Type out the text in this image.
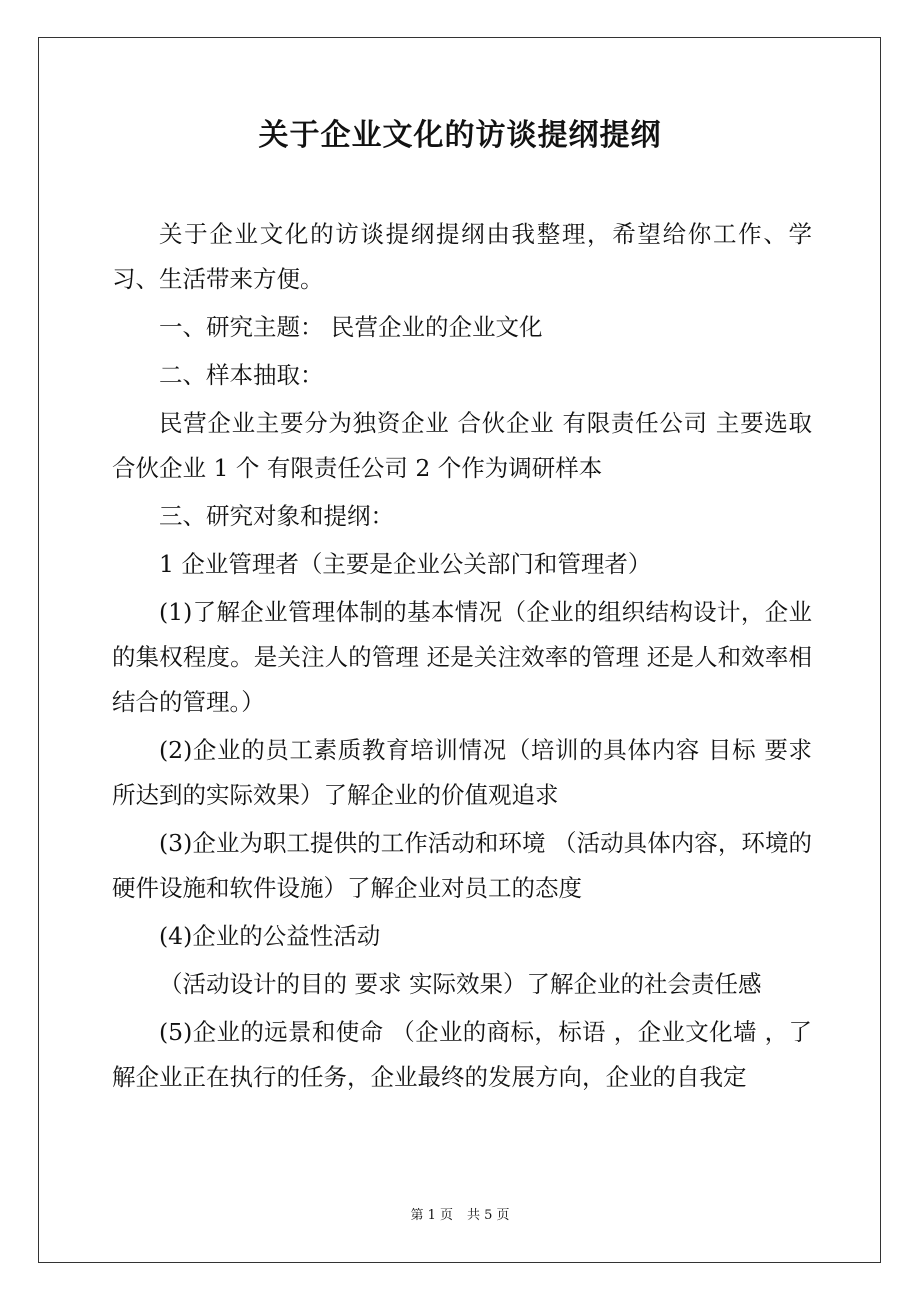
关于企业文化的访谈提纲提纲

关于企业文化的访谈提纲提纲由我整理，希望给你工作、学习、生活带来方便。

一、研究主题： 民营企业的企业文化

二、样本抽取：

民营企业主要分为独资企业 合伙企业 有限责任公司 主要选取合伙企业 1 个 有限责任公司 2 个作为调研样本

三、研究对象和提纲：

1 企业管理者（主要是企业公关部门和管理者）

(1)了解企业管理体制的基本情况（企业的组织结构设计，企业的集权程度。是关注人的管理 还是关注效率的管理 还是人和效率相结合的管理。）

(2)企业的员工素质教育培训情况（培训的具体内容 目标 要求 所达到的实际效果）了解企业的价值观追求

(3)企业为职工提供的工作活动和环境 （活动具体内容，环境的硬件设施和软件设施）了解企业对员工的态度

(4)企业的公益性活动

（活动设计的目的 要求 实际效果）了解企业的社会责任感

(5)企业的远景和使命 （企业的商标，标语 ，企业文化墙 ，了解企业正在执行的任务，企业最终的发展方向，企业的自我定

第 1 页 共 5 页
